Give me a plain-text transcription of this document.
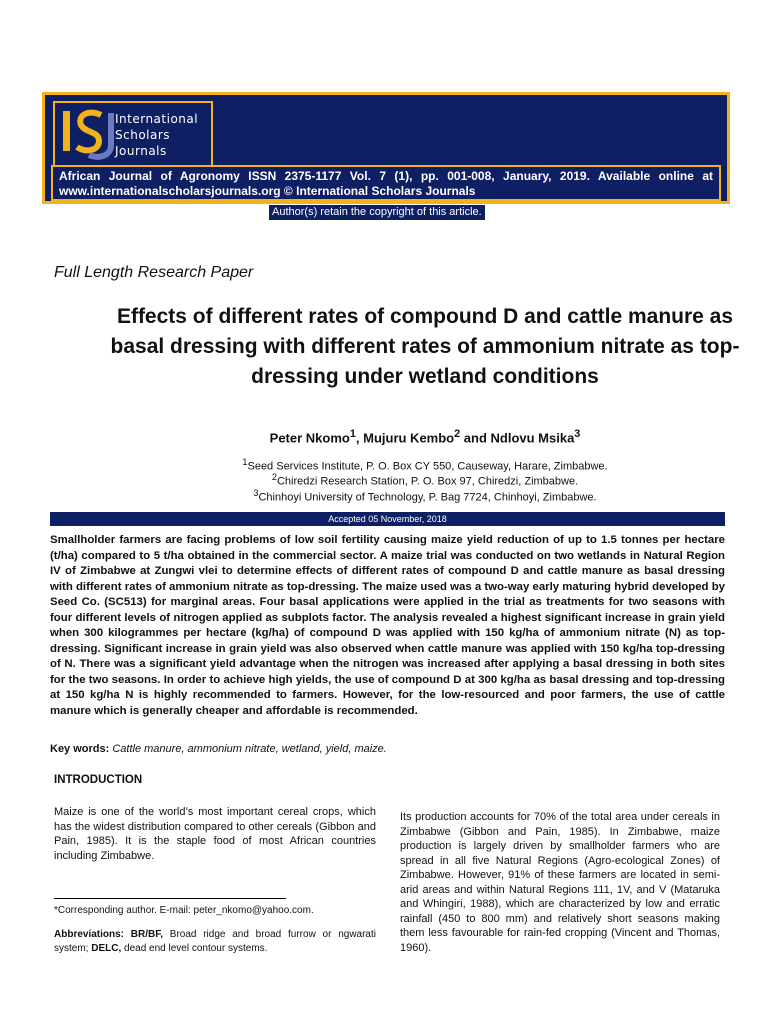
International
Scholars
Journals
African Journal of Agronomy ISSN 2375-1177 Vol. 7 (1), pp. 001-008, January, 2019. Available online at www.internationalscholarsjournals.org © International Scholars Journals
Author(s) retain the copyright of this article.
Full Length Research Paper
Effects of different rates of compound D and cattle manure as basal dressing with different rates of ammonium nitrate as top-dressing under wetland conditions
Peter Nkomo$^1$, Mujuru Kembo$^2$ and Ndlovu Msika$^3$
$^1$Seed Services Institute, P. O. Box CY 550, Causeway, Harare, Zimbabwe.
$^2$Chiredzi Research Station, P. O. Box 97, Chiredzi, Zimbabwe.
$^3$Chinhoyi University of Technology, P. Bag 7724, Chinhoyi, Zimbabwe.
Accepted 05 November, 2018
Smallholder farmers are facing problems of low soil fertility causing maize yield reduction of up to 1.5 tonnes per hectare (t/ha) compared to 5 t/ha obtained in the commercial sector. A maize trial was conducted on two wetlands in Natural Region IV of Zimbabwe at Zungwi vlei to determine effects of different rates of compound D and cattle manure as basal dressing with different rates of ammonium nitrate as top-dressing. The maize used was a two-way early maturing hybrid developed by Seed Co. (SC513) for marginal areas. Four basal applications were applied in the trial as treatments for two seasons with four different levels of nitrogen applied as subplots factor. The analysis revealed a highest significant increase in grain yield when 300 kilogrammes per hectare (kg/ha) of compound D was applied with 150 kg/ha of ammonium nitrate (N) as top-dressing. Significant increase in grain yield was also observed when cattle manure was applied with 150 kg/ha top-dressing of N. There was a significant yield advantage when the nitrogen was increased after applying a basal dressing in both sites for the two seasons. In order to achieve high yields, the use of compound D at 300 kg/ha as basal dressing and top-dressing at 150 kg/ha N is highly recommended to farmers. However, for the low-resourced and poor farmers, the use of cattle manure which is generally cheaper and affordable is recommended.
Key words: Cattle manure, ammonium nitrate, wetland, yield, maize.
INTRODUCTION
Maize is one of the world’s most important cereal crops, which has the widest distribution compared to other cereals (Gibbon and Pain, 1985). It is the staple food of most African countries including Zimbabwe.
Its production accounts for 70% of the total area under cereals in Zimbabwe (Gibbon and Pain, 1985). In Zimbabwe, maize production is largely driven by smallholder farmers who are spread in all five Natural Regions (Agro-ecological Zones) of Zimbabwe. However, 91% of these farmers are located in semi-arid areas and within Natural Regions 111, 1V, and V (Mataruka and Whingiri, 1988), which are characterized by low and erratic rainfall (450 to 800 mm) and relatively short seasons making them less favourable for rain-fed cropping (Vincent and Thomas, 1960).
*Corresponding author. E-mail: peter_nkomo@yahoo.com.
Abbreviations: BR/BF, Broad ridge and broad furrow or ngwarati system; DELC, dead end level contour systems.
